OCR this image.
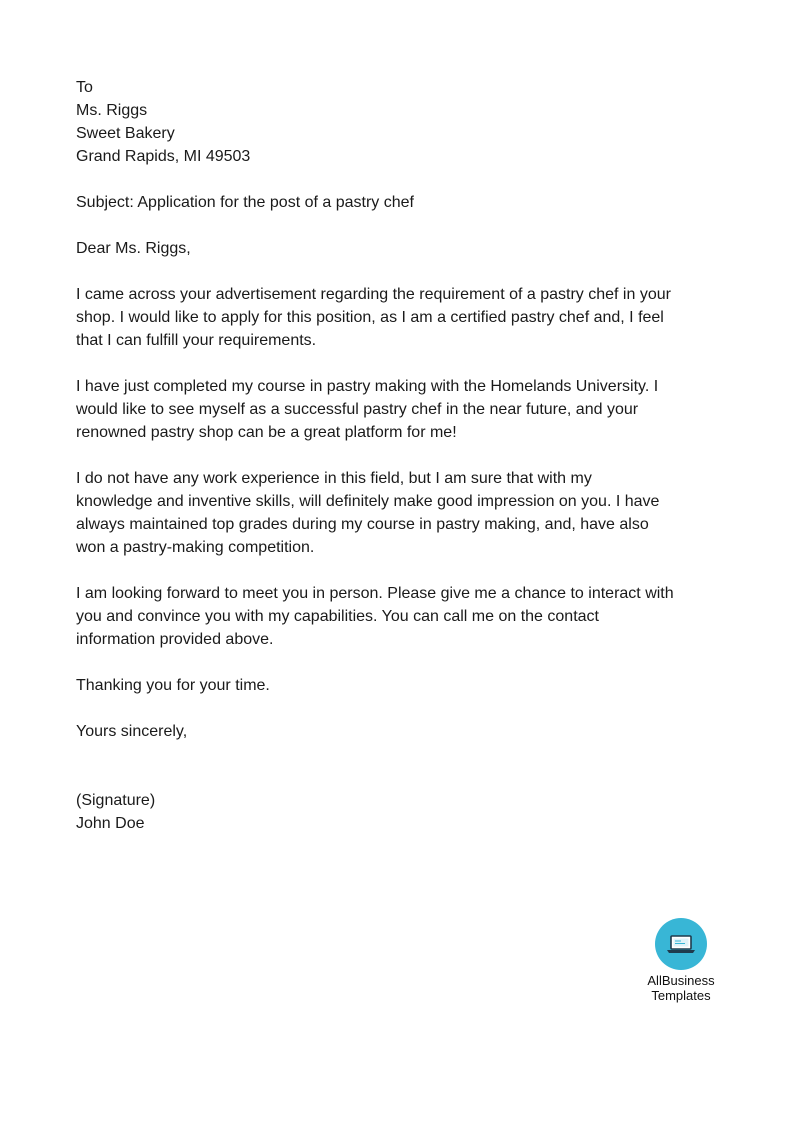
To
Ms. Riggs
Sweet Bakery
Grand Rapids, MI 49503
Subject: Application for the post of a pastry chef
Dear Ms. Riggs,

I came across your advertisement regarding the requirement of a pastry chef in your
shop. I would like to apply for this position, as I am a certified pastry chef and, I feel
that I can fulfill your requirements.

I have just completed my course in pastry making with the Homelands University. I
would like to see myself as a successful pastry chef in the near future, and your
renowned pastry shop can be a great platform for me!

I do not have any work experience in this field, but I am sure that with my
knowledge and inventive skills, will definitely make good impression on you. I have
always maintained top grades during my course in pastry making, and, have also
won a pastry-making competition.

I am looking forward to meet you in person. Please give me a chance to interact with
you and convince you with my capabilities. You can call me on the contact
information provided above.

Thanking you for your time.

Yours sincerely,
(Signature)
John Doe
AllBusiness
Templates
